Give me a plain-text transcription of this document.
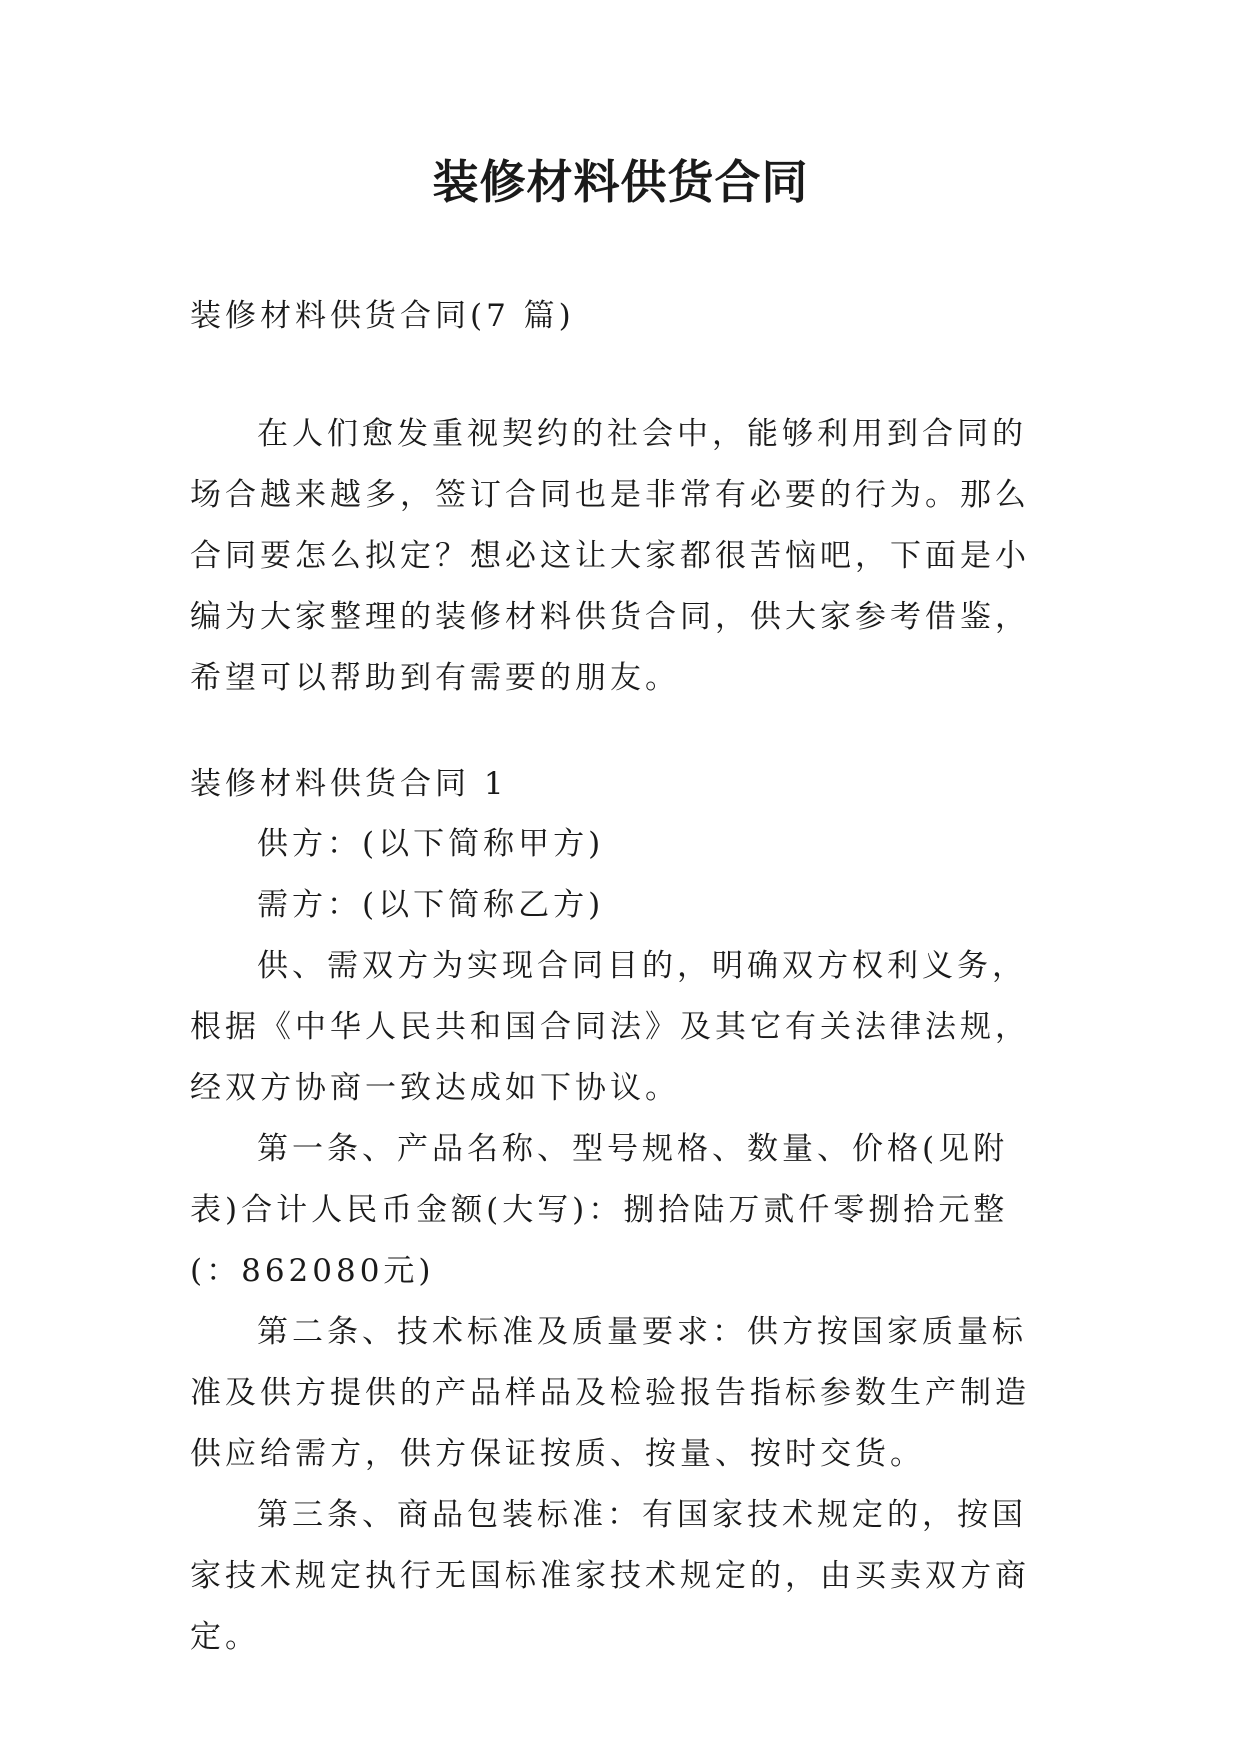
装修材料供货合同

装修材料供货合同(7 篇)

在人们愈发重视契约的社会中，能够利用到合同的场合越来越多，签订合同也是非常有必要的行为。那么合同要怎么拟定？想必这让大家都很苦恼吧，下面是小编为大家整理的装修材料供货合同，供大家参考借鉴，希望可以帮助到有需要的朋友。

装修材料供货合同 1

供方：(以下简称甲方)

需方：(以下简称乙方)

供、需双方为实现合同目的，明确双方权利义务，根据《中华人民共和国合同法》及其它有关法律法规，经双方协商一致达成如下协议。

第一条、产品名称、型号规格、数量、价格(见附表)合计人民币金额(大写)：捌拾陆万贰仟零捌拾元整(：862080元)

第二条、技术标准及质量要求：供方按国家质量标准及供方提供的产品样品及检验报告指标参数生产制造供应给需方，供方保证按质、按量、按时交货。

第三条、商品包装标准：有国家技术规定的，按国家技术规定执行无国标准家技术规定的，由买卖双方商定。
